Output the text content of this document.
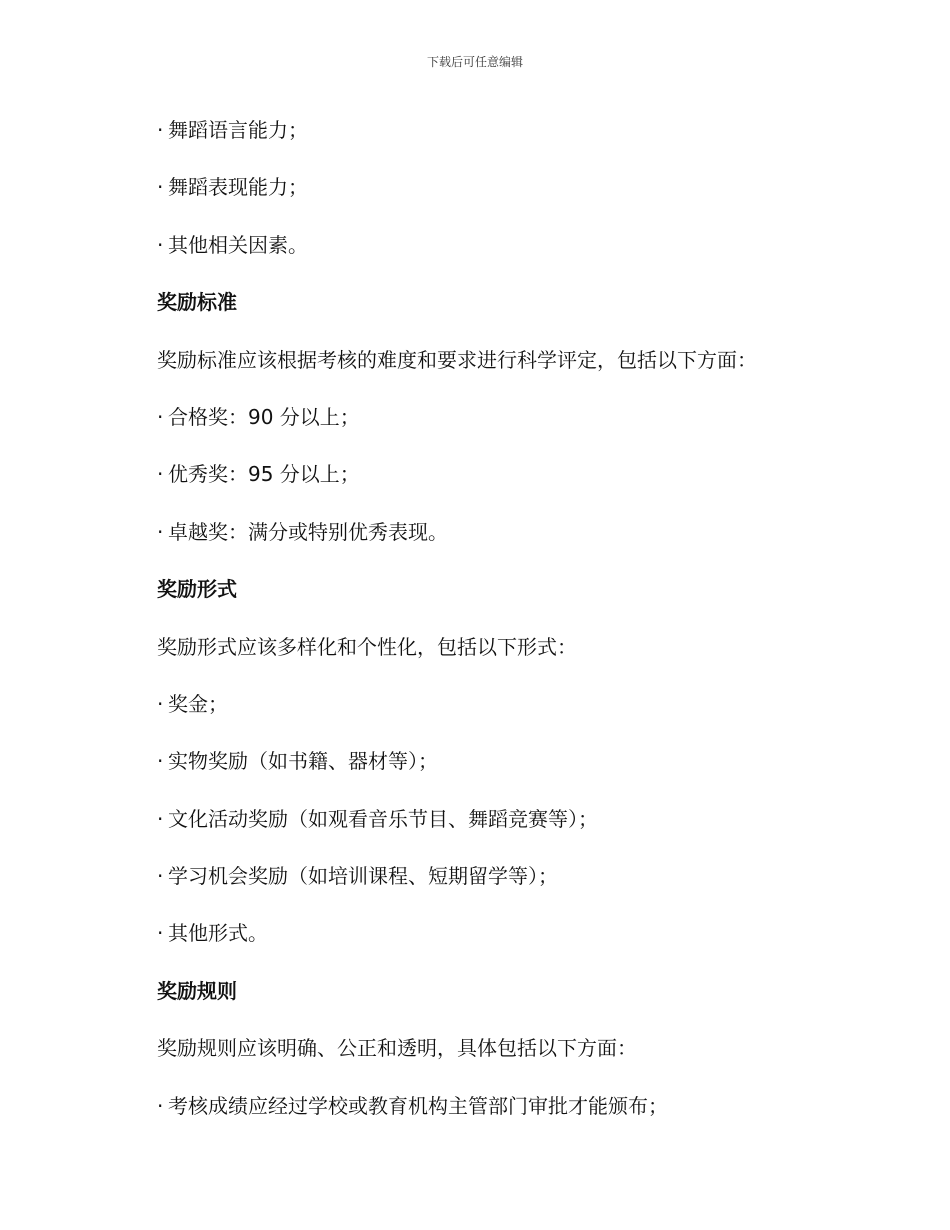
下载后可任意编辑
· 舞蹈语言能力；
· 舞蹈表现能力；
· 其他相关因素。
奖励标准
奖励标准应该根据考核的难度和要求进行科学评定，包括以下方面：
· 合格奖：90 分以上；
· 优秀奖：95 分以上；
· 卓越奖：满分或特别优秀表现。
奖励形式
奖励形式应该多样化和个性化，包括以下形式：
· 奖金；
· 实物奖励（如书籍、器材等）；
· 文化活动奖励（如观看音乐节目、舞蹈竞赛等）；
· 学习机会奖励（如培训课程、短期留学等）；
· 其他形式。
奖励规则
奖励规则应该明确、公正和透明，具体包括以下方面：
· 考核成绩应经过学校或教育机构主管部门审批才能颁布；
